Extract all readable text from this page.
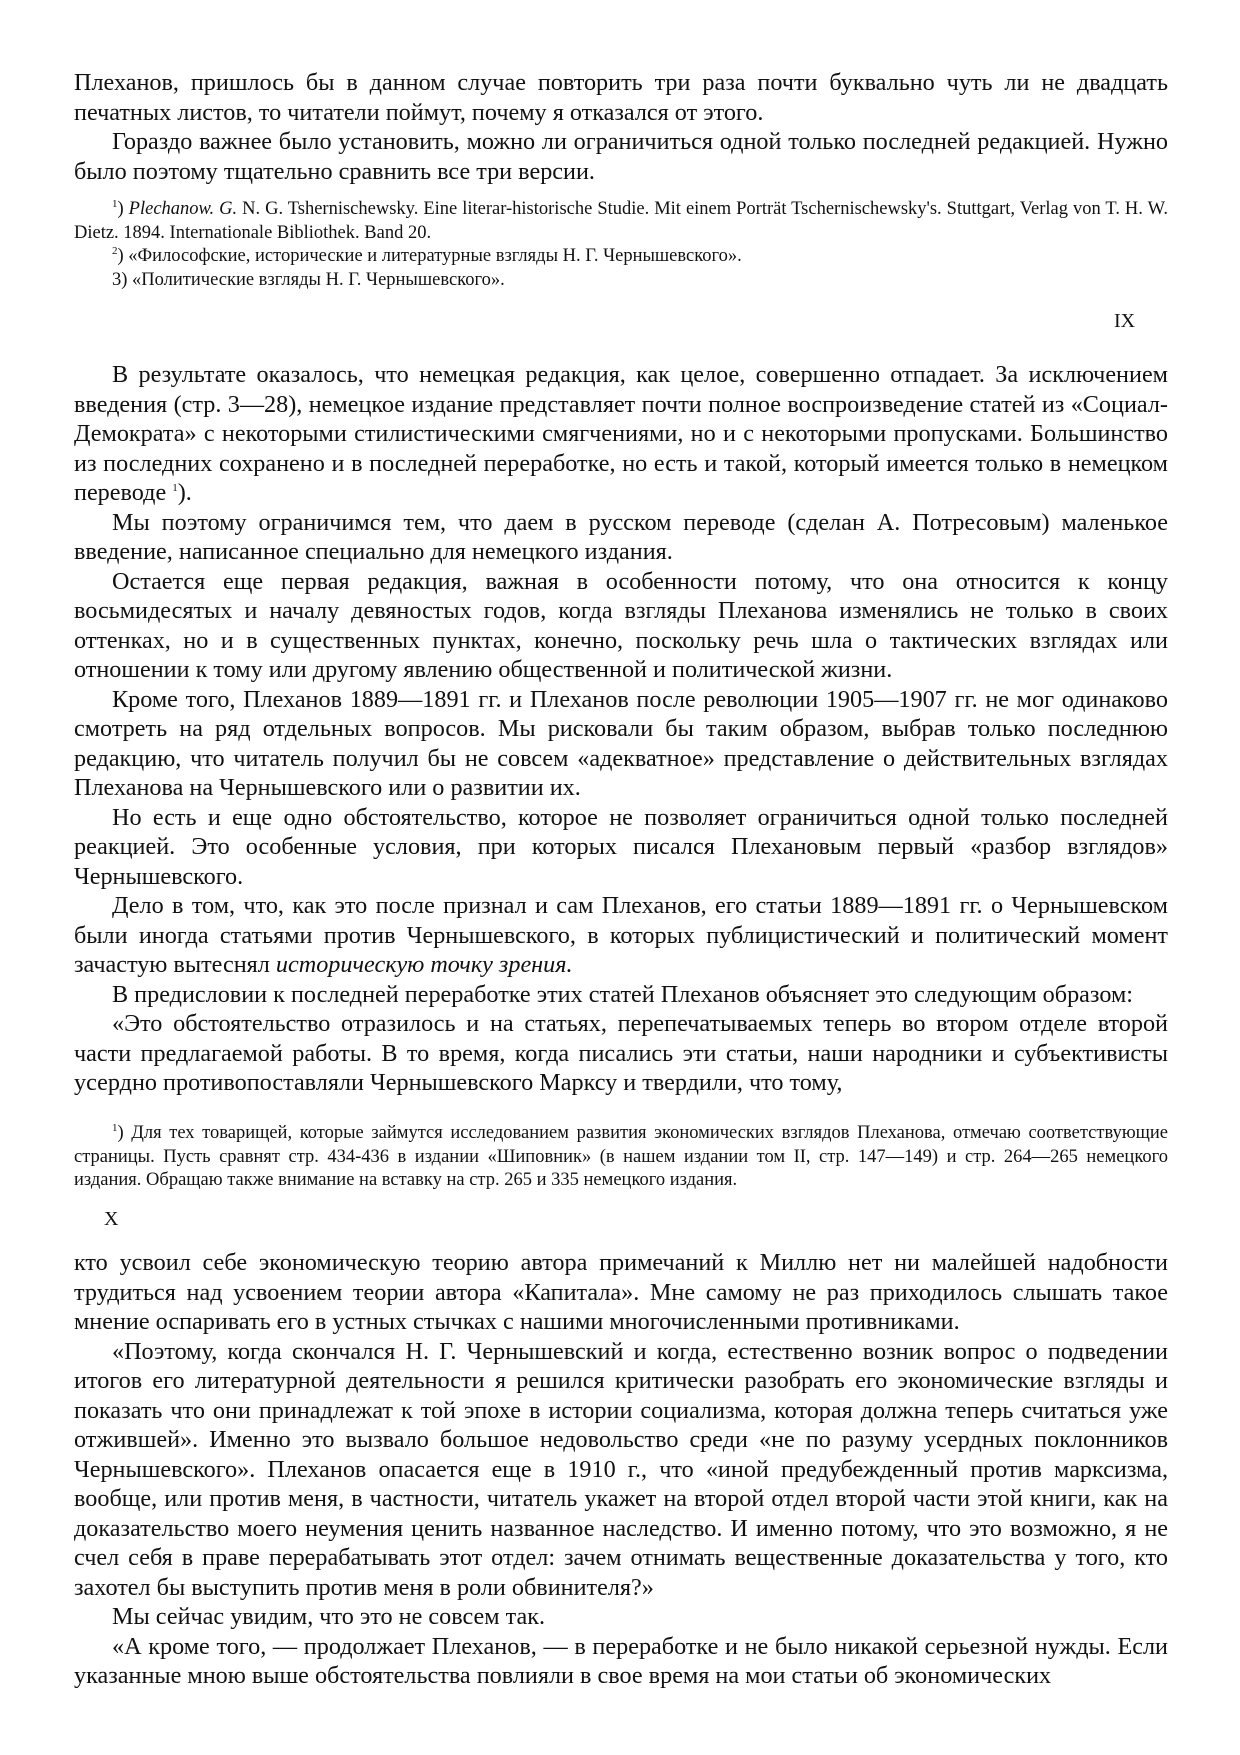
Плеханов, пришлось бы в данном случае повторить три раза почти буквально чуть ли не двадцать печатных листов, то читатели поймут, почему я отказался от этого.

Гораздо важнее было установить, можно ли ограничиться одной только последней редакцией. Нужно было поэтому тщательно сравнить все три версии.

$^1$) Plechanow. G. N. G. Tshernischewsky. Eine literar-historische Studie. Mit einem Porträt Tschernischewsky's. Stuttgart, Verlag von T. H. W. Dietz. 1894. Internationale Bibliothek. Band 20.

$^2$) «Философские, исторические и литературные взгляды Н. Г. Чернышевского».

3) «Политические взгляды Н. Г. Чернышевского».

IX

В результате оказалось, что немецкая редакция, как целое, совершенно отпадает. За исключением введения (стр. 3—28), немецкое издание представляет почти полное воспроизведение статей из «Социал-Демократа» с некоторыми стилистическими смягчениями, но и с некоторыми пропусками. Большинство из последних сохранено и в последней переработке, но есть и такой, который имеется только в немецком переводе $^1$).

Мы поэтому ограничимся тем, что даем в русском переводе (сделан А. Потресовым) маленькое введение, написанное специально для немецкого издания.

Остается еще первая редакция, важная в особенности потому, что она относится к концу восьмидесятых и началу девяностых годов, когда взгляды Плеханова изменялись не только в своих оттенках, но и в существенных пунктах, конечно, поскольку речь шла о тактических взглядах или отношении к тому или другому явлению общественной и политической жизни.

Кроме того, Плеханов 1889—1891 гг. и Плеханов после революции 1905—1907 гг. не мог одинаково смотреть на ряд отдельных вопросов. Мы рисковали бы таким образом, выбрав только последнюю редакцию, что читатель получил бы не совсем «адекватное» представление о действительных взглядах Плеханова на Чернышевского или о развитии их.

Но есть и еще одно обстоятельство, которое не позволяет ограничиться одной только последней реакцией. Это особенные условия, при которых писался Плехановым первый «разбор взглядов» Чернышевского.

Дело в том, что, как это после признал и сам Плеханов, его статьи 1889—1891 гг. о Чернышевском были иногда статьями против Чернышевского, в которых публицистический и политический момент зачастую вытеснял историческую точку зрения.

В предисловии к последней переработке этих статей Плеханов объясняет это следующим образом:

«Это обстоятельство отразилось и на статьях, перепечатываемых теперь во втором отделе второй части предлагаемой работы. В то время, когда писались эти статьи, наши народники и субъективисты усердно противопоставляли Чернышевского Марксу и твердили, что тому,

$^1$) Для тех товарищей, которые займутся исследованием развития экономических взглядов Плеханова, отмечаю соответствующие страницы. Пусть сравнят стр. 434-436 в издании «Шиповник» (в нашем издании том II, стр. 147—149) и стр. 264—265 немецкого издания. Обращаю также внимание на вставку на стр. 265 и 335 немецкого издания.

X

кто усвоил себе экономическую теорию автора примечаний к Миллю нет ни малейшей надобности трудиться над усвоением теории автора «Капитала». Мне самому не раз приходилось слышать такое мнение оспаривать его в устных стычках с нашими многочисленными противниками.

«Поэтому, когда скончался Н. Г. Чернышевский и когда, естественно возник вопрос о подведении итогов его литературной деятельности я решился критически разобрать его экономические взгляды и показать что они принадлежат к той эпохе в истории социализма, которая должна теперь считаться уже отжившей». Именно это вызвало большое недовольство среди «не по разуму усердных поклонников Чернышевского». Плеханов опасается еще в 1910 г., что «иной предубежденный против марксизма, вообще, или против меня, в частности, читатель укажет на второй отдел второй части этой книги, как на доказательство моего неумения ценить названное наследство. И именно потому, что это возможно, я не счел себя в праве перерабатывать этот отдел: зачем отнимать вещественные доказательства у того, кто захотел бы выступить против меня в роли обвинителя?»

Мы сейчас увидим, что это не совсем так.

«А кроме того, — продолжает Плеханов, — в переработке и не было никакой серьезной нужды. Если указанные мною выше обстоятельства повлияли в свое время на мои статьи об экономических
